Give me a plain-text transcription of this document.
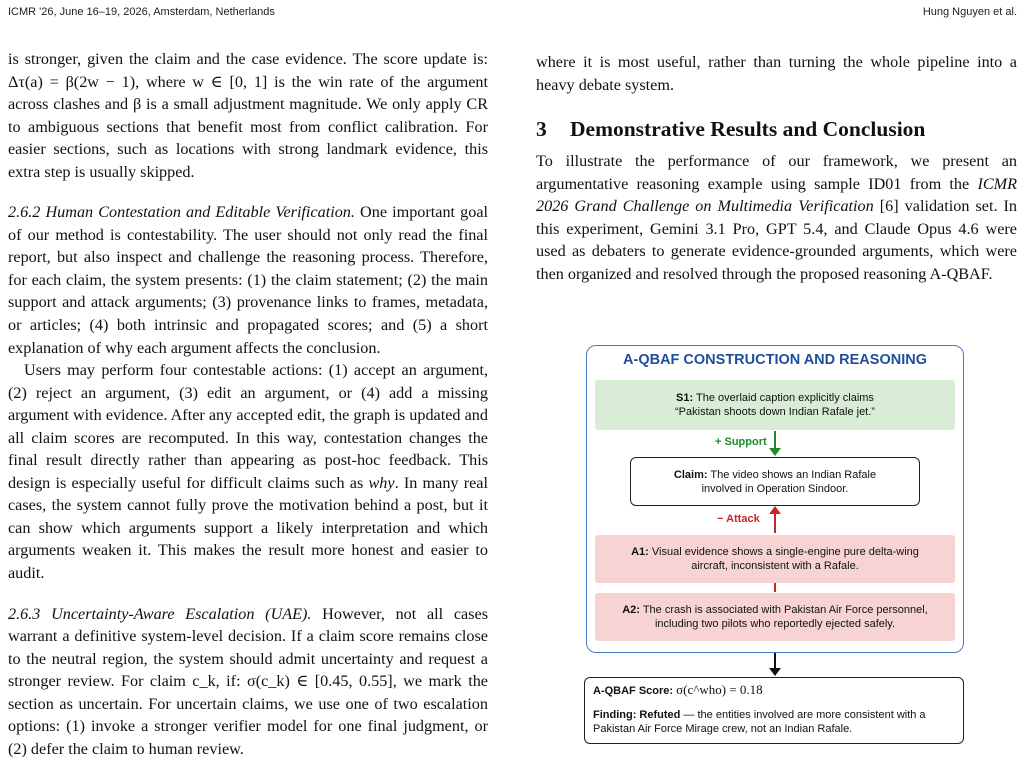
ICMR '26, June 16–19, 2026, Amsterdam, Netherlands	Hung Nguyen et al.

is stronger, given the claim and the case evidence. The score update is: Δτ(a) = β(2w − 1), where w ∈ [0, 1] is the win rate of the argument across clashes and β is a small adjustment magnitude. We only apply CR to ambiguous sections that benefit most from conflict calibration. For easier sections, such as locations with strong landmark evidence, this extra step is usually skipped.

2.6.2 Human Contestation and Editable Verification. One important goal of our method is contestability. The user should not only read the final report, but also inspect and challenge the reasoning process. Therefore, for each claim, the system presents: (1) the claim statement; (2) the main support and attack arguments; (3) provenance links to frames, metadata, or articles; (4) both intrinsic and propagated scores; and (5) a short explanation of why each argument affects the conclusion.

Users may perform four contestable actions: (1) accept an argument, (2) reject an argument, (3) edit an argument, or (4) add a missing argument with evidence. After any accepted edit, the graph is updated and all claim scores are recomputed. In this way, contestation changes the final result directly rather than appearing as post-hoc feedback. This design is especially useful for difficult claims such as why. In many real cases, the system cannot fully prove the motivation behind a post, but it can show which arguments support a likely interpretation and which arguments weaken it. This makes the result more honest and easier to audit.

2.6.3 Uncertainty-Aware Escalation (UAE). However, not all cases warrant a definitive system-level decision. If a claim score remains close to the neutral region, the system should admit uncertainty and request a stronger review. For claim c_k, if: σ(c_k) ∈ [0.45, 0.55], we mark the section as uncertain. For uncertain claims, we use one of two escalation options: (1) invoke a stronger verifier model for one final judgment, or (2) defer the claim to human review.

where it is most useful, rather than turning the whole pipeline into a heavy debate system.

3 Demonstrative Results and Conclusion

To illustrate the performance of our framework, we present an argumentative reasoning example using sample ID01 from the ICMR 2026 Grand Challenge on Multimedia Verification [6] validation set. In this experiment, Gemini 3.1 Pro, GPT 5.4, and Claude Opus 4.6 were used as debaters to generate evidence-grounded arguments, which were then organized and resolved through the proposed reasoning A-QBAF.

A-QBAF CONSTRUCTION AND REASONING
S1: The overlaid caption explicitly claims
“Pakistan shoots down Indian Rafale jet.”
+ Support
Claim: The video shows an Indian Rafale
involved in Operation Sindoor.
− Attack
A1: Visual evidence shows a single-engine pure delta-wing
aircraft, inconsistent with a Rafale.
A2: The crash is associated with Pakistan Air Force personnel,
including two pilots who reportedly ejected safely.
A-QBAF Score: σ(c^who) = 0.18
Finding: Refuted — the entities involved are more consistent with a Pakistan Air Force Mirage crew, not an Indian Rafale.
